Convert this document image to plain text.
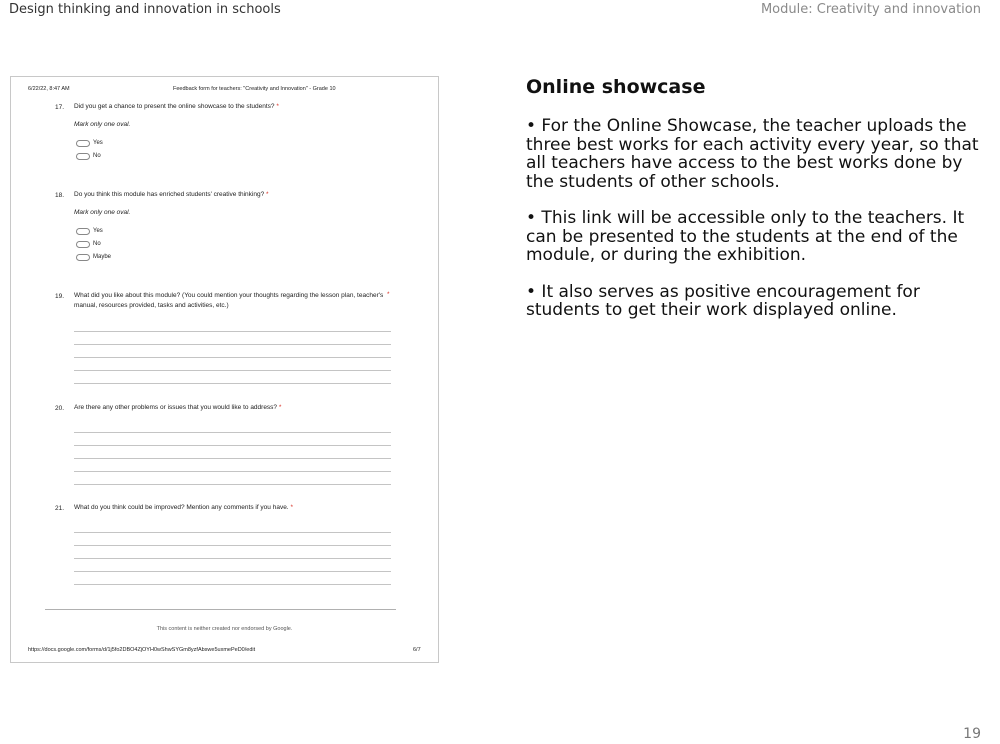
Design thinking and innovation in schools	Module: Creativity and innovation
6/22/22, 8:47 AM	Feedback form for teachers: "Creativity and Innovation" - Grade 10
17. Did you get a chance to present the online showcase to the students? *
Mark only one oval.
Yes
No
18. Do you think this module has enriched students' creative thinking? *
Mark only one oval.
Yes
No
Maybe
19. What did you like about this module? (You could mention your thoughts regarding the lesson plan, teacher's manual, resources provided, tasks and activities, etc.)
*
20. Are there any other problems or issues that you would like to address? *
21. What do you think could be improved? Mention any comments if you have. *
This content is neither created nor endorsed by Google.
https://docs.google.com/forms/d/1j5fo2DBO4ZjOYH0wShwSYGm8yzfAbswe5uxmePeD0/edit	6/7
Online showcase

• For the Online Showcase, the teacher uploads the three best works for each activity every year, so that all teachers have access to the best works done by the students of other schools.

• This link will be accessible only to the teachers. It can be presented to the students at the end of the module, or during the exhibition.

• It also serves as positive encouragement for students to get their work displayed online.

19
